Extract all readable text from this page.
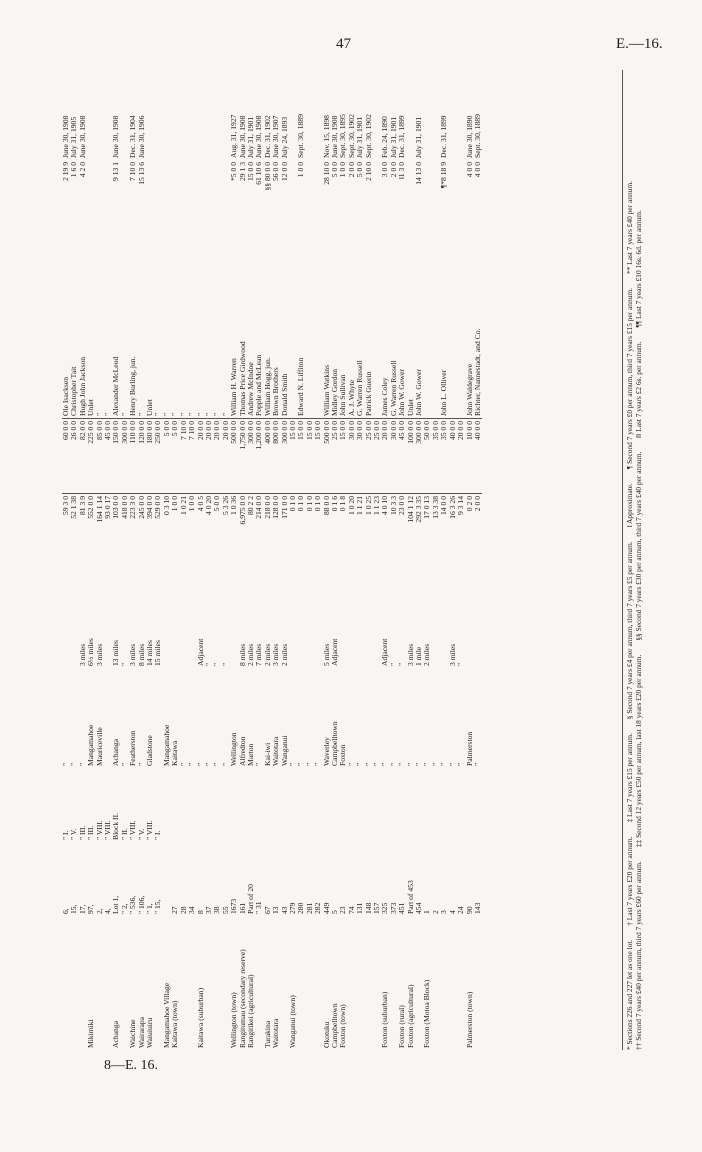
47	E.—16.
8—E. 16.
	6,	" I.	"		59 3 0	60 0 0	Ole Isacksen	2 19 9	June 30, 1908
	15,	" V.	"		52 1 38	26 0 0	Christopher Tait	1 6 0	July 31, 1905
	17,	" III.	"	3 miles	81 3 9	82 0 0	Hugh John Jackson	4 2 0	June 30, 1908
Mikimiki	97,	" III.	Mangamahoe	6½ miles	552 0 0	225 0 0	Unlet		
	2,	" VIII.	Mauriceville	3 miles	164 1 14	85 0 0	"		
	4,	" VIII.			93 0 17	45 0 0	"		
Achanga	Lot 1,	Block II.	Achanga	13 miles	103 0 0	150 0 0	Alexander McLeod	9 13 1	June 30, 1908
	" 2,	" II.	"	"	418 0 0	300 0 0	"		
Waichine	" 536,	" VIII.	Featherston	3 miles	223 3 0	110 0 0	Henry Burling, jun.	7 10 0	Dec. 31, 1904
Wairarapa	" 106,	" V.	"	8 miles	245 0 0	120 0 0	"	15 13 6	June 30, 1906
Waiuiuiru	" 1,	" VIII.	Gladstone	14 miles	394 0 0	180 0 0	Unlet		
	" 15,	" I.		15 miles	529 0 0	250 0 0	"		
Mangamahoe Village			Mangamahoe		0 3 10	5 0 0	"		
Kaitawa (town)	27		Kaitawa		1 0 0	5 0 0	"		
	28		"		1 0 21	7 10 0	"		
	34		"		1 0 0	7 10 0	"		
Kaitawa (suburban)	8		"	Adjacent	4 0 5	20 0 0	"		
	37		"	"	4 0 20	20 0 0	"		
	38		"	"	5 0 0	20 0 0	"		
	55		"	"	5 3 26	20 0 0	"		
Wellington (town)	1673		Wellington		1 0 36	500 0 0	William H. Warren	*5 0 0	Aug. 31, 1927
Rangitumau (secondary reserve)	161		Alfredton	8 miles	6,975 0 0	1,750 0 0	Thomas Price Girdwood	29 1 3	June 30, 1908
Rangitikei (agricultural)	Part of 20		Marton	2 miles	80 2 2	300 0 0	Andrew McIndoe	15 0 0	July 31, 1901
	" 31		"	7 miles	214 0 0	1,200 0 0	Popple and McLean	61 10 6	June 30, 1908
Turakina	67		Kai-iwi	2 miles	218 0 0	400 0 0	William Hogg, jun.	§§ 80 0 0	Dec. 31, 1902
Waitotara	13		Waitotara	3 miles	128 0 0	800 0 0	Brown Brothers	56 0 0	June 30, 1907
	43		Wanganui	2 miles	171 0 0	300 0 0	Donald Smith	12 0 0	July 24, 1893
Wanganui (town)	279		"		0 1 0	15 0 0			
	280		"		0 1 0	15 0 0	Edward N. Liffiton	1 0 0	Sept. 30, 1889
	281		"		0 1 0	15 0 0			
	282		"		0 1 0	15 0 0			
Okotuku	449		Waverley	5 miles	88 0 0	500 0 0	William Watkins	28 10 0	Nov. 15, 1898
Campbelltown	5		Campbelltown	Adjacent	0 1 6	25 0 0	Midley Gordon	5 0 0	June 30, 1908
Foxton (town)	23		Foxton		0 1 8	15 0 0	John Sullivan	1 0 0	Sept. 30, 1895
	74		"		1 0 20	30 0 0	A. J. Whyte	2 0 0	Sept. 30, 1902
	131		"		1 1 21	30 0 0	G. Warren Russell	5 0 0	July 31, 1901
	148		"		1 0 25	25 0 0	Patrick Guerin	2 10 0	Sept. 30, 1902
	157		"		1 1 23	25 0 0			
Foxton (suburban)	325		"	Adjacent	4 0 10	20 0 0	James Coley	3 0 0	Feb. 24, 1890
	373		"	"	10 3 3	30 0 0	G. Warren Russell	2 0 0	July 31, 1901
Foxton (rural)	451		"	"	23 0 0	45 0 0	John W. Gower	‖1 3 0	Dec. 31, 1899
Foxton (agricultural)	Part of 453		"	3 miles	104 1 12	100 0 0	Unlet		
	454		"	1 mile	292 3 35	300 0 0	John W. Gower	14 13 0	July 31, 1901
Foxton (Motoa Block)	1		"	2 miles	17 0 13	50 0 0			
	2		"		13 3 38	35 0 0			
	3		"		14 0 0	35 0 0	John L. Olliver	¶*8 18 9	Dec. 31, 1899
	4		"	3 miles	16 3 26	40 0 0			
	24		"	"	9 3 14	20 0 0			
Palmerston (town)	90		Palmerston		0 2 0	10 0 0	John Waldegrave	4 0 0	June 30, 1890
	143		"		2 0 0	40 0 0	Richter, Nannestadt, and Co.	4 0 0	Sept. 30, 1889
* Sections 226 and 227 let as one lot.† Last 7 years £20 per annum.‡ Last 7 years £15 per annum.§ Second 7 years £4 per annum, third 7 years £5 per annum.‖ Approximate.¶ Second 7 years £0 per annum, third 7 years £15 per annum.** Last 7 years £40 per annum.†† Second 7 years £40 per annum, third 7 years £60 per annum.‡‡ Second 12 years £50 per annum, last 18 years £20 per annum.§§ Second 7 years £30 per annum, third 7 years £40 per annum.‖‖ Last 7 years £2 6s. per annum.¶¶ Last 7 years £10 16s. 6d. per annum.
